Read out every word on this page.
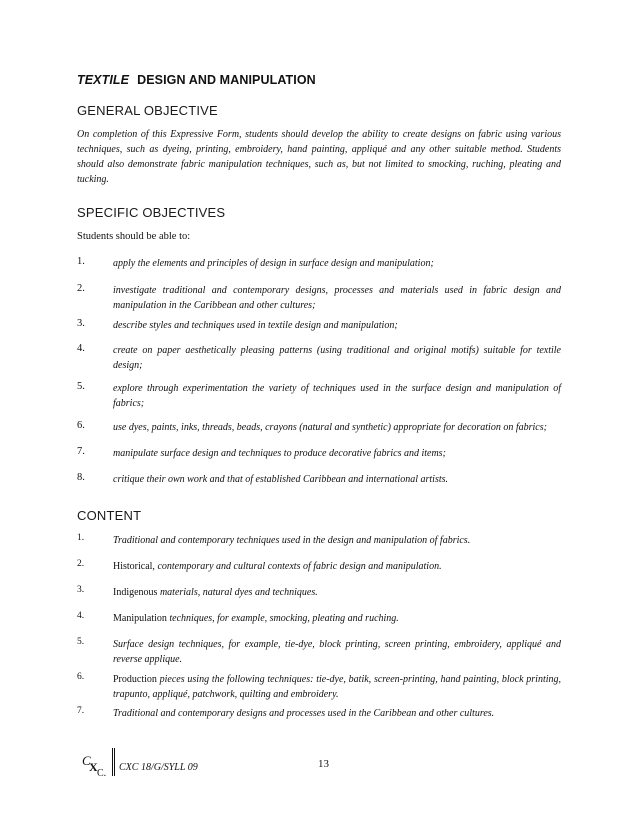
TEXTILE DESIGN AND MANIPULATION
GENERAL OBJECTIVE
On completion of this Expressive Form, students should develop the ability to create designs on fabric using various techniques, such as dyeing, printing, embroidery, hand painting, appliqué and any other suitable method. Students should also demonstrate fabric manipulation techniques, such as, but not limited to smocking, ruching, pleating and tucking.
SPECIFIC OBJECTIVES
Students should be able to:
1.	apply the elements and principles of design in surface design and manipulation;
2.	investigate traditional and contemporary designs, processes and materials used in fabric design and manipulation in the Caribbean and other cultures;
3.	describe styles and techniques used in textile design and manipulation;
4.	create on paper aesthetically pleasing patterns (using traditional and original motifs) suitable for textile design;
5.	explore through experimentation the variety of techniques used in the surface design and manipulation of fabrics;
6.	use dyes, paints, inks, threads, beads, crayons (natural and synthetic) appropriate for decoration on fabrics;
7.	manipulate surface design and techniques to produce decorative fabrics and items;
8.	critique their own work and that of established Caribbean and international artists.
CONTENT
1.	Traditional and contemporary techniques used in the design and manipulation of fabrics.
2.	Historical, contemporary and cultural contexts of fabric design and manipulation.
3.	Indigenous materials, natural dyes and techniques.
4.	Manipulation techniques, for example, smocking, pleating and ruching.
5.	Surface design techniques, for example, tie-dye, block printing, screen printing, embroidery, appliqué and reverse applique.
6.	Production pieces using the following techniques: tie-dye, batik, screen-printing, hand painting, block printing, trapunto, appliqué, patchwork, quilting and embroidery.
7.	Traditional and contemporary designs and processes used in the Caribbean and other cultures.
C
X C.
CXC 18/G/SYLL 09	13
